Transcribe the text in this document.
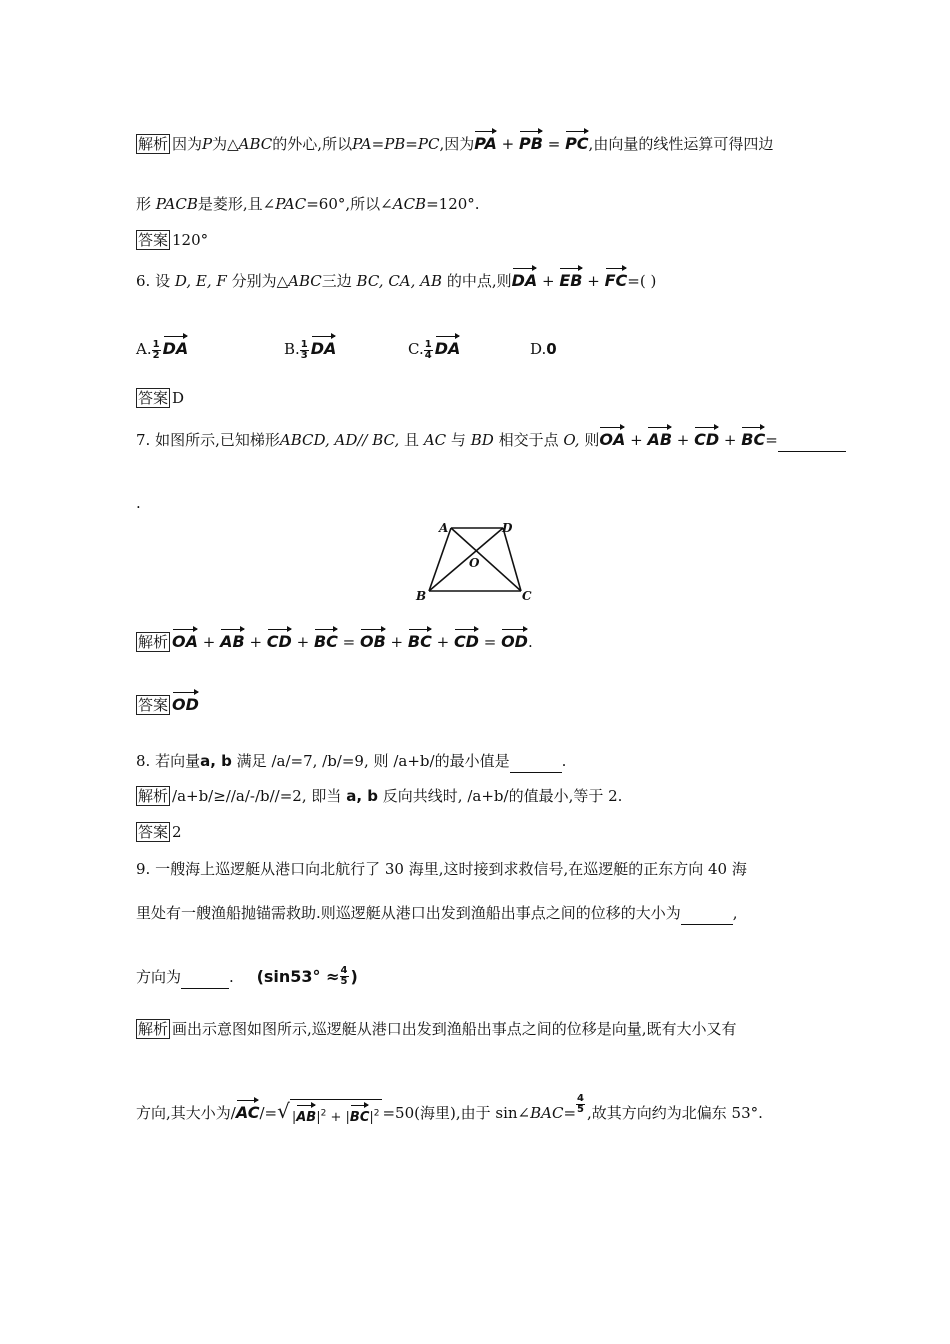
解析 因为P为△ABC的外心,所以PA=PB=PC,因为PA + PB = PC,由向量的线性运算可得四边
形 PACB是菱形,且∠PAC=60°,所以∠ACB=120°.
答案 120°
6. 设 D, E, F 分别为△ABC三边 BC, CA, AB 的中点,则DA + EB + FC=( )
A. $\frac{1}{2}$ DA	B. $\frac{1}{3}$ DA	C. $\frac{1}{4}$ DA	D.0
答案 D
7. 如图所示,已知梯形ABCD, AD// BC, 且 AC 与 BD 相交于点 O, 则OA + AB + CD + BC=
.
A	D
O
B	C
解析 OA + AB + CD + BC = OB + BC + CD = OD.
答案 OD
8. 若向量a, b 满足 /a/=7, /b/=9, 则 /a+b/的最小值是	.
解析 /a+b/≥//a/-/b//=2, 即当 a, b 反向共线时, /a+b/的值最小,等于 2.
答案 2
9. 一艘海上巡逻艇从港口向北航行了 30 海里,这时接到求救信号,在巡逻艇的正东方向 40 海
里处有一艘渔船抛锚需救助.则巡逻艇从港口出发到渔船出事点之间的位移的大小为	,
方向为	. ($\sin 53^\circ \approx \frac{4}{5}$ )
解析 画出示意图如图所示,巡逻艇从港口出发到渔船出事点之间的位移是向量,既有大小又有
方向,其大小为/AC/=√ $|AB|^2 + |BC|^2 =50$(海里),由于 sin∠BAC= $\frac{4}{5}$ ,故其方向约为北偏东 53°.
